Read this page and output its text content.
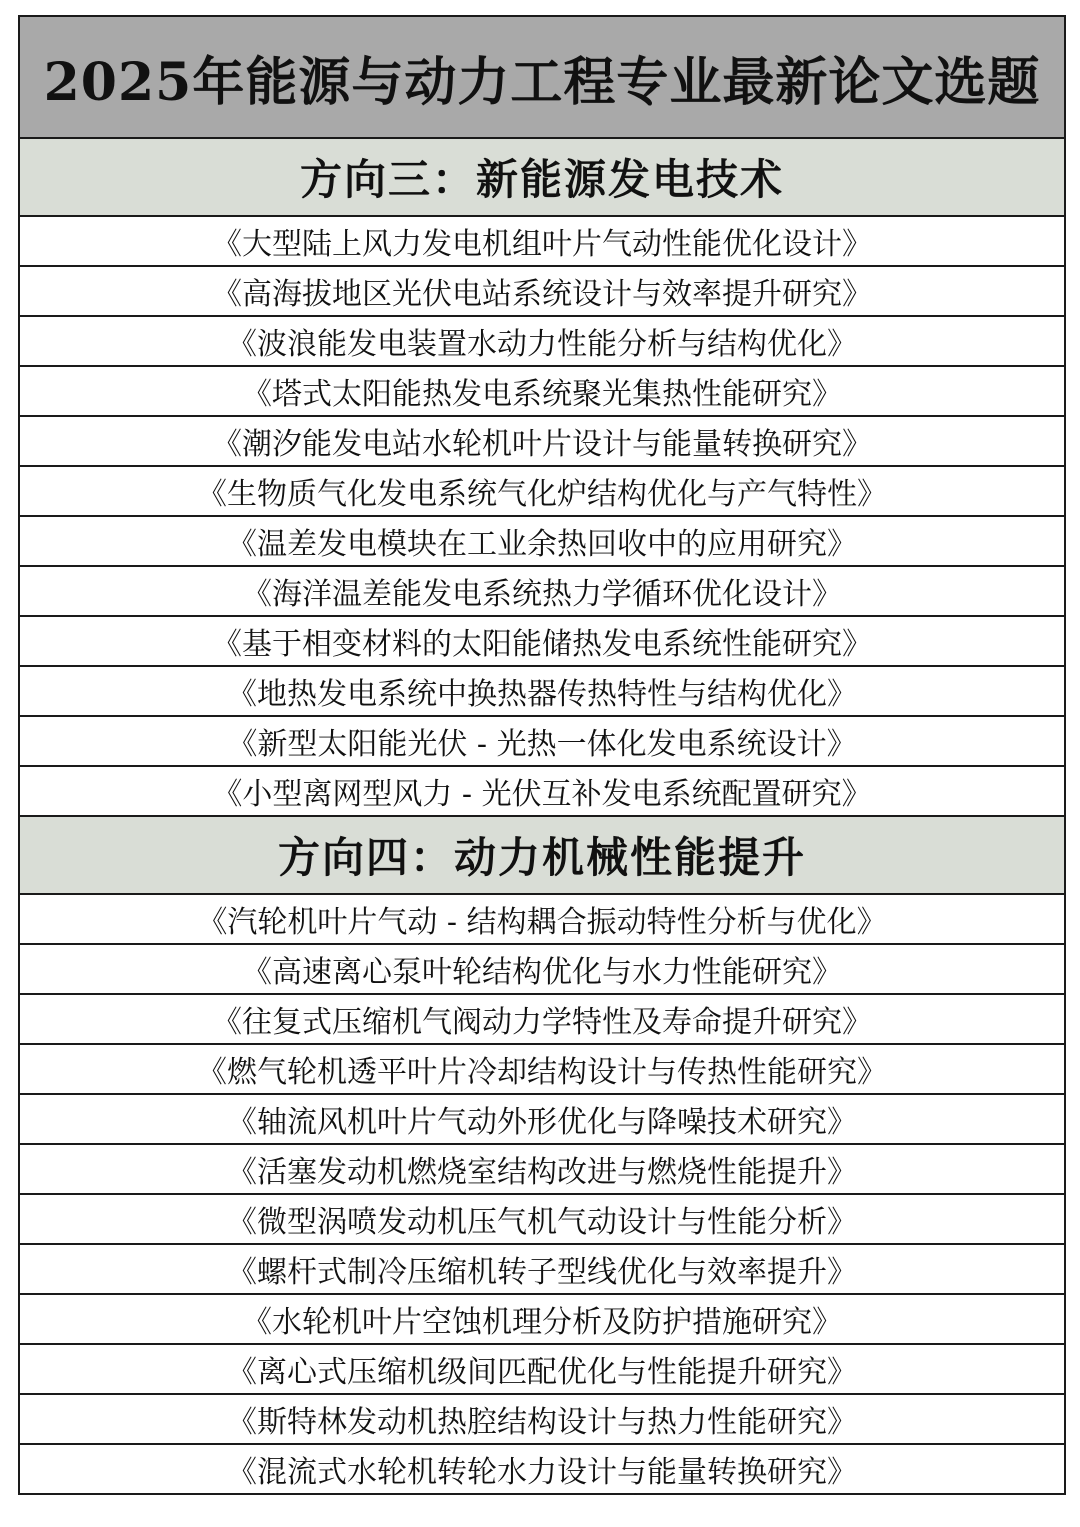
2025年能源与动力工程专业最新论文选题
方向三：新能源发电技术
《大型陆上风力发电机组叶片气动性能优化设计》
《高海拔地区光伏电站系统设计与效率提升研究》
《波浪能发电装置水动力性能分析与结构优化》
《塔式太阳能热发电系统聚光集热性能研究》
《潮汐能发电站水轮机叶片设计与能量转换研究》
《生物质气化发电系统气化炉结构优化与产气特性》
《温差发电模块在工业余热回收中的应用研究》
《海洋温差能发电系统热力学循环优化设计》
《基于相变材料的太阳能储热发电系统性能研究》
《地热发电系统中换热器传热特性与结构优化》
《新型太阳能光伏 - 光热一体化发电系统设计》
《小型离网型风力 - 光伏互补发电系统配置研究》
方向四：动力机械性能提升
《汽轮机叶片气动 - 结构耦合振动特性分析与优化》
《高速离心泵叶轮结构优化与水力性能研究》
《往复式压缩机气阀动力学特性及寿命提升研究》
《燃气轮机透平叶片冷却结构设计与传热性能研究》
《轴流风机叶片气动外形优化与降噪技术研究》
《活塞发动机燃烧室结构改进与燃烧性能提升》
《微型涡喷发动机压气机气动设计与性能分析》
《螺杆式制冷压缩机转子型线优化与效率提升》
《水轮机叶片空蚀机理分析及防护措施研究》
《离心式压缩机级间匹配优化与性能提升研究》
《斯特林发动机热腔结构设计与热力性能研究》
《混流式水轮机转轮水力设计与能量转换研究》
